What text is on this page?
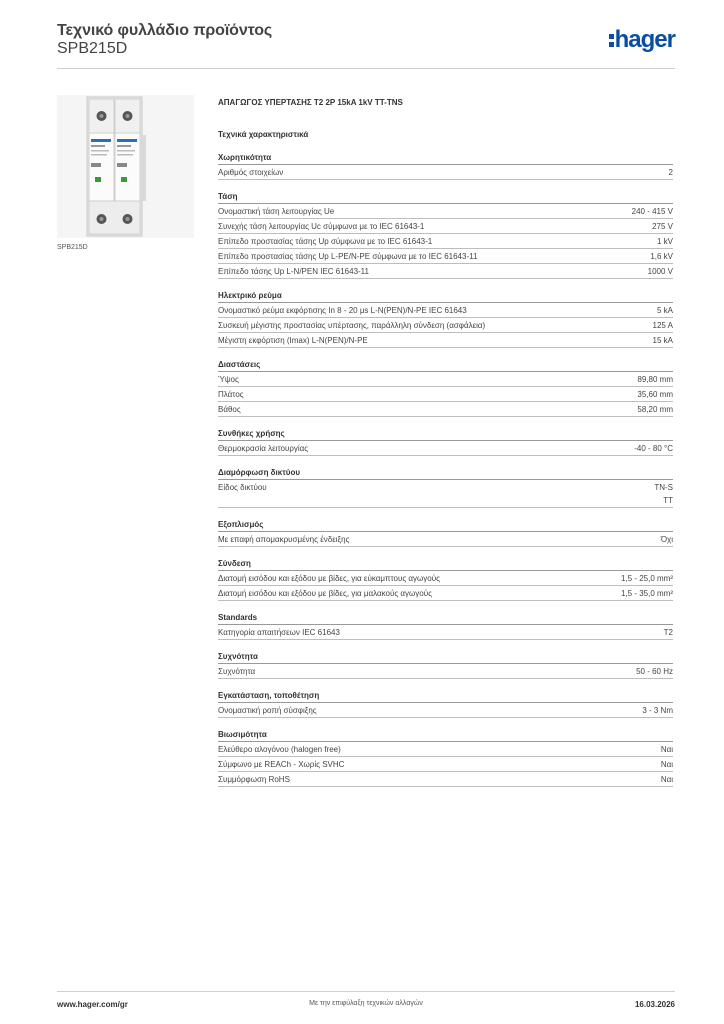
Τεχνικό φυλλάδιο προϊόντος
SPB215D	hager
SPB215D
ΑΠΑΓΩΓΟΣ ΥΠΕΡΤΑΣΗΣ T2 2P 15kA 1kV TT-TNS
Τεχνικά χαρακτηριστικά
Χωρητικότητα
Αριθμός στοιχείων	2
Τάση
Ονομαστική τάση λειτουργίας Ue	240 - 415 V
Συνεχής τάση λειτουργίας Uc σύμφωνα με το IEC 61643-1	275 V
Επίπεδο προστασίας τάσης Up σύμφωνα με το IEC 61643-1	1 kV
Επίπεδο προστασίας τάσης Up L-PE/N-PE σύμφωνα με το IEC 61643-11	1,6 kV
Επίπεδο τάσης Up L-N/PEN IEC 61643-11	1000 V
Ηλεκτρικό ρεύμα
Ονομαστικό ρεύμα εκφόρτισης In 8 - 20 μs L-N(PEN)/N-PE IEC 61643	5 kA
Συσκευή μέγιστης προστασίας υπέρτασης, παράλληλη σύνδεση (ασφάλεια)	125 A
Μέγιστη εκφόρτιση (Imax) L-N(PEN)/N-PE	15 kA
Διαστάσεις
Ύψος	89,80 mm
Πλάτος	35,60 mm
Βάθος	58,20 mm
Συνθήκες χρήσης
Θερμοκρασία λειτουργίας	-40 - 80 °C
Διαμόρφωση δικτύου
Είδος δικτύου	TN-S
TT
Εξοπλισμός
Με επαφή απομακρυσμένης ένδειξης	Όχι
Σύνδεση
Διατομή εισόδου και εξόδου με βίδες, για εύκαμπτους αγωγούς	1,5 - 25,0 mm²
Διατομή εισόδου και εξόδου με βίδες, για μαλακούς αγωγούς	1,5 - 35,0 mm²
Standards
Κατηγορία απαιτήσεων IEC 61643	T2
Συχνότητα
Συχνότητα	50 - 60 Hz
Εγκατάσταση, τοποθέτηση
Ονομαστική ροπή σύσφιξης	3 - 3 Nm
Βιωσιμότητα
Ελεύθερο αλογόνου (halogen free)	Ναι
Σύμφωνο με REACh - Χωρίς SVHC	Ναι
Συμμόρφωση RoHS	Ναι
www.hager.com/gr	Με την επιφύλαξη τεχνικών αλλαγών	16.03.2026
